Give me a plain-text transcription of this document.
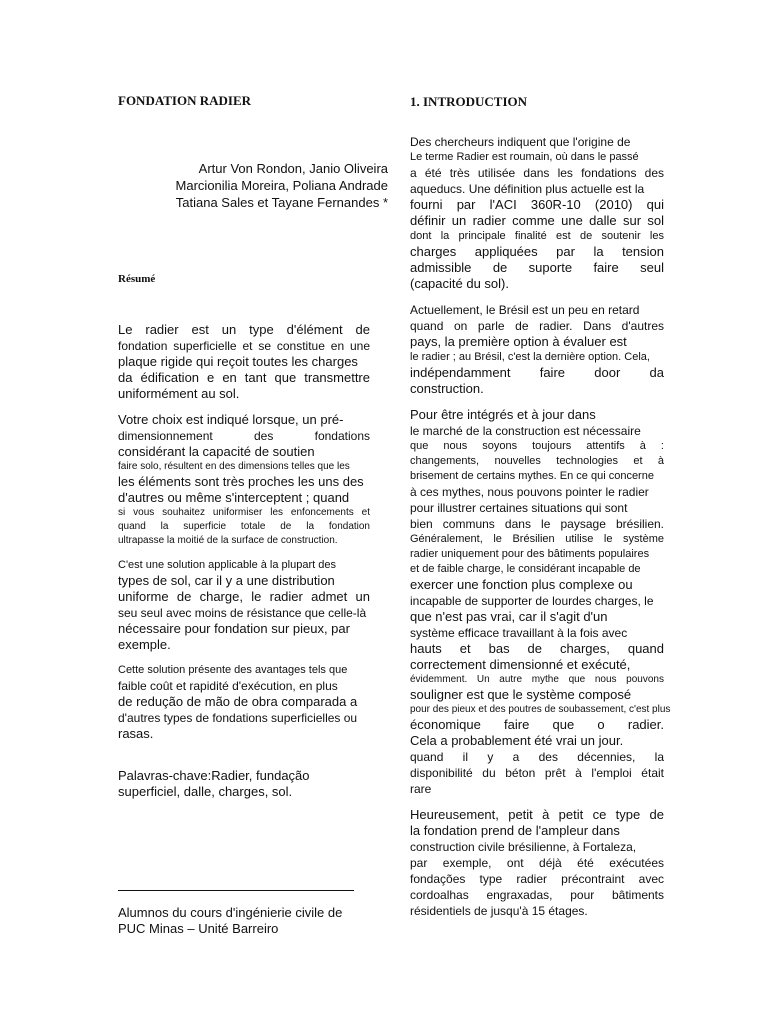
FONDATION RADIER
Artur Von Rondon, Janio Oliveira
Marcionilia Moreira, Poliana Andrade
Tatiana Sales et Tayane Fernandes *
Résumé
Le radier est un type d'élément de
fondation superficielle et se constitue en une
plaque rigide qui reçoit toutes les charges
da édification e en tant que transmettre
uniformément au sol.
Votre choix est indiqué lorsque, un pré-
dimensionnement des fondations
considérant la capacité de soutien
faire solo, résultent en des dimensions telles que les
les éléments sont très proches les uns des
d'autres ou même s'interceptent ; quand
si vous souhaitez uniformiser les enfoncements et
quand la superficie totale de la fondation
ultrapasse la moitié de la surface de construction.
C'est une solution applicable à la plupart des
types de sol, car il y a une distribution
uniforme de charge, le radier admet un
seu seul avec moins de résistance que celle-là
nécessaire pour fondation sur pieux, par
exemple.
Cette solution présente des avantages tels que
faible coût et rapidité d'exécution, en plus
de redução de mão de obra comparada a
d'autres types de fondations superficielles ou
rasas.
Palavras-chave:Radier, fundação
superficiel, dalle, charges, sol.
Alumnos du cours d'ingénierie civile de
PUC Minas – Unité Barreiro
1. INTRODUCTION
Des chercheurs indiquent que l'origine de
Le terme Radier est roumain, où dans le passé
a été très utilisée dans les fondations des
aqueducs. Une définition plus actuelle est la
fourni par l'ACI 360R-10 (2010) qui
définir un radier comme une dalle sur sol
dont la principale finalité est de soutenir les
charges appliquées par la tension
admissible de suporte faire seul
(capacité du sol).
Actuellement, le Brésil est un peu en retard
quand on parle de radier. Dans d'autres
pays, la première option à évaluer est
le radier ; au Brésil, c'est la dernière option. Cela,
indépendamment faire door da
construction.
Pour être intégrés et à jour dans
le marché de la construction est nécessaire
que nous soyons toujours attentifs à :
changements, nouvelles technologies et à
brisement de certains mythes. En ce qui concerne
à ces mythes, nous pouvons pointer le radier
pour illustrer certaines situations qui sont
bien communs dans le paysage brésilien.
Généralement, le Brésilien utilise le système
radier uniquement pour des bâtiments populaires
et de faible charge, le considérant incapable de
exercer une fonction plus complexe ou
incapable de supporter de lourdes charges, le
que n'est pas vrai, car il s'agit d'un
système efficace travaillant à la fois avec
hauts et bas de charges, quand
correctement dimensionné et exécuté,
évidemment. Un autre mythe que nous pouvons
souligner est que le système composé
pour des pieux et des poutres de soubassement, c'est plus
économique faire que o radier.
Cela a probablement été vrai un jour.
quand il y a des décennies, la
disponibilité du béton prêt à l'emploi était
rare
Heureusement, petit à petit ce type de
la fondation prend de l'ampleur dans
construction civile brésilienne, à Fortaleza,
par exemple, ont déjà été exécutées
fondações type radier précontraint avec
cordoalhas engraxadas, pour bâtiments
résidentiels de jusqu'à 15 étages.
